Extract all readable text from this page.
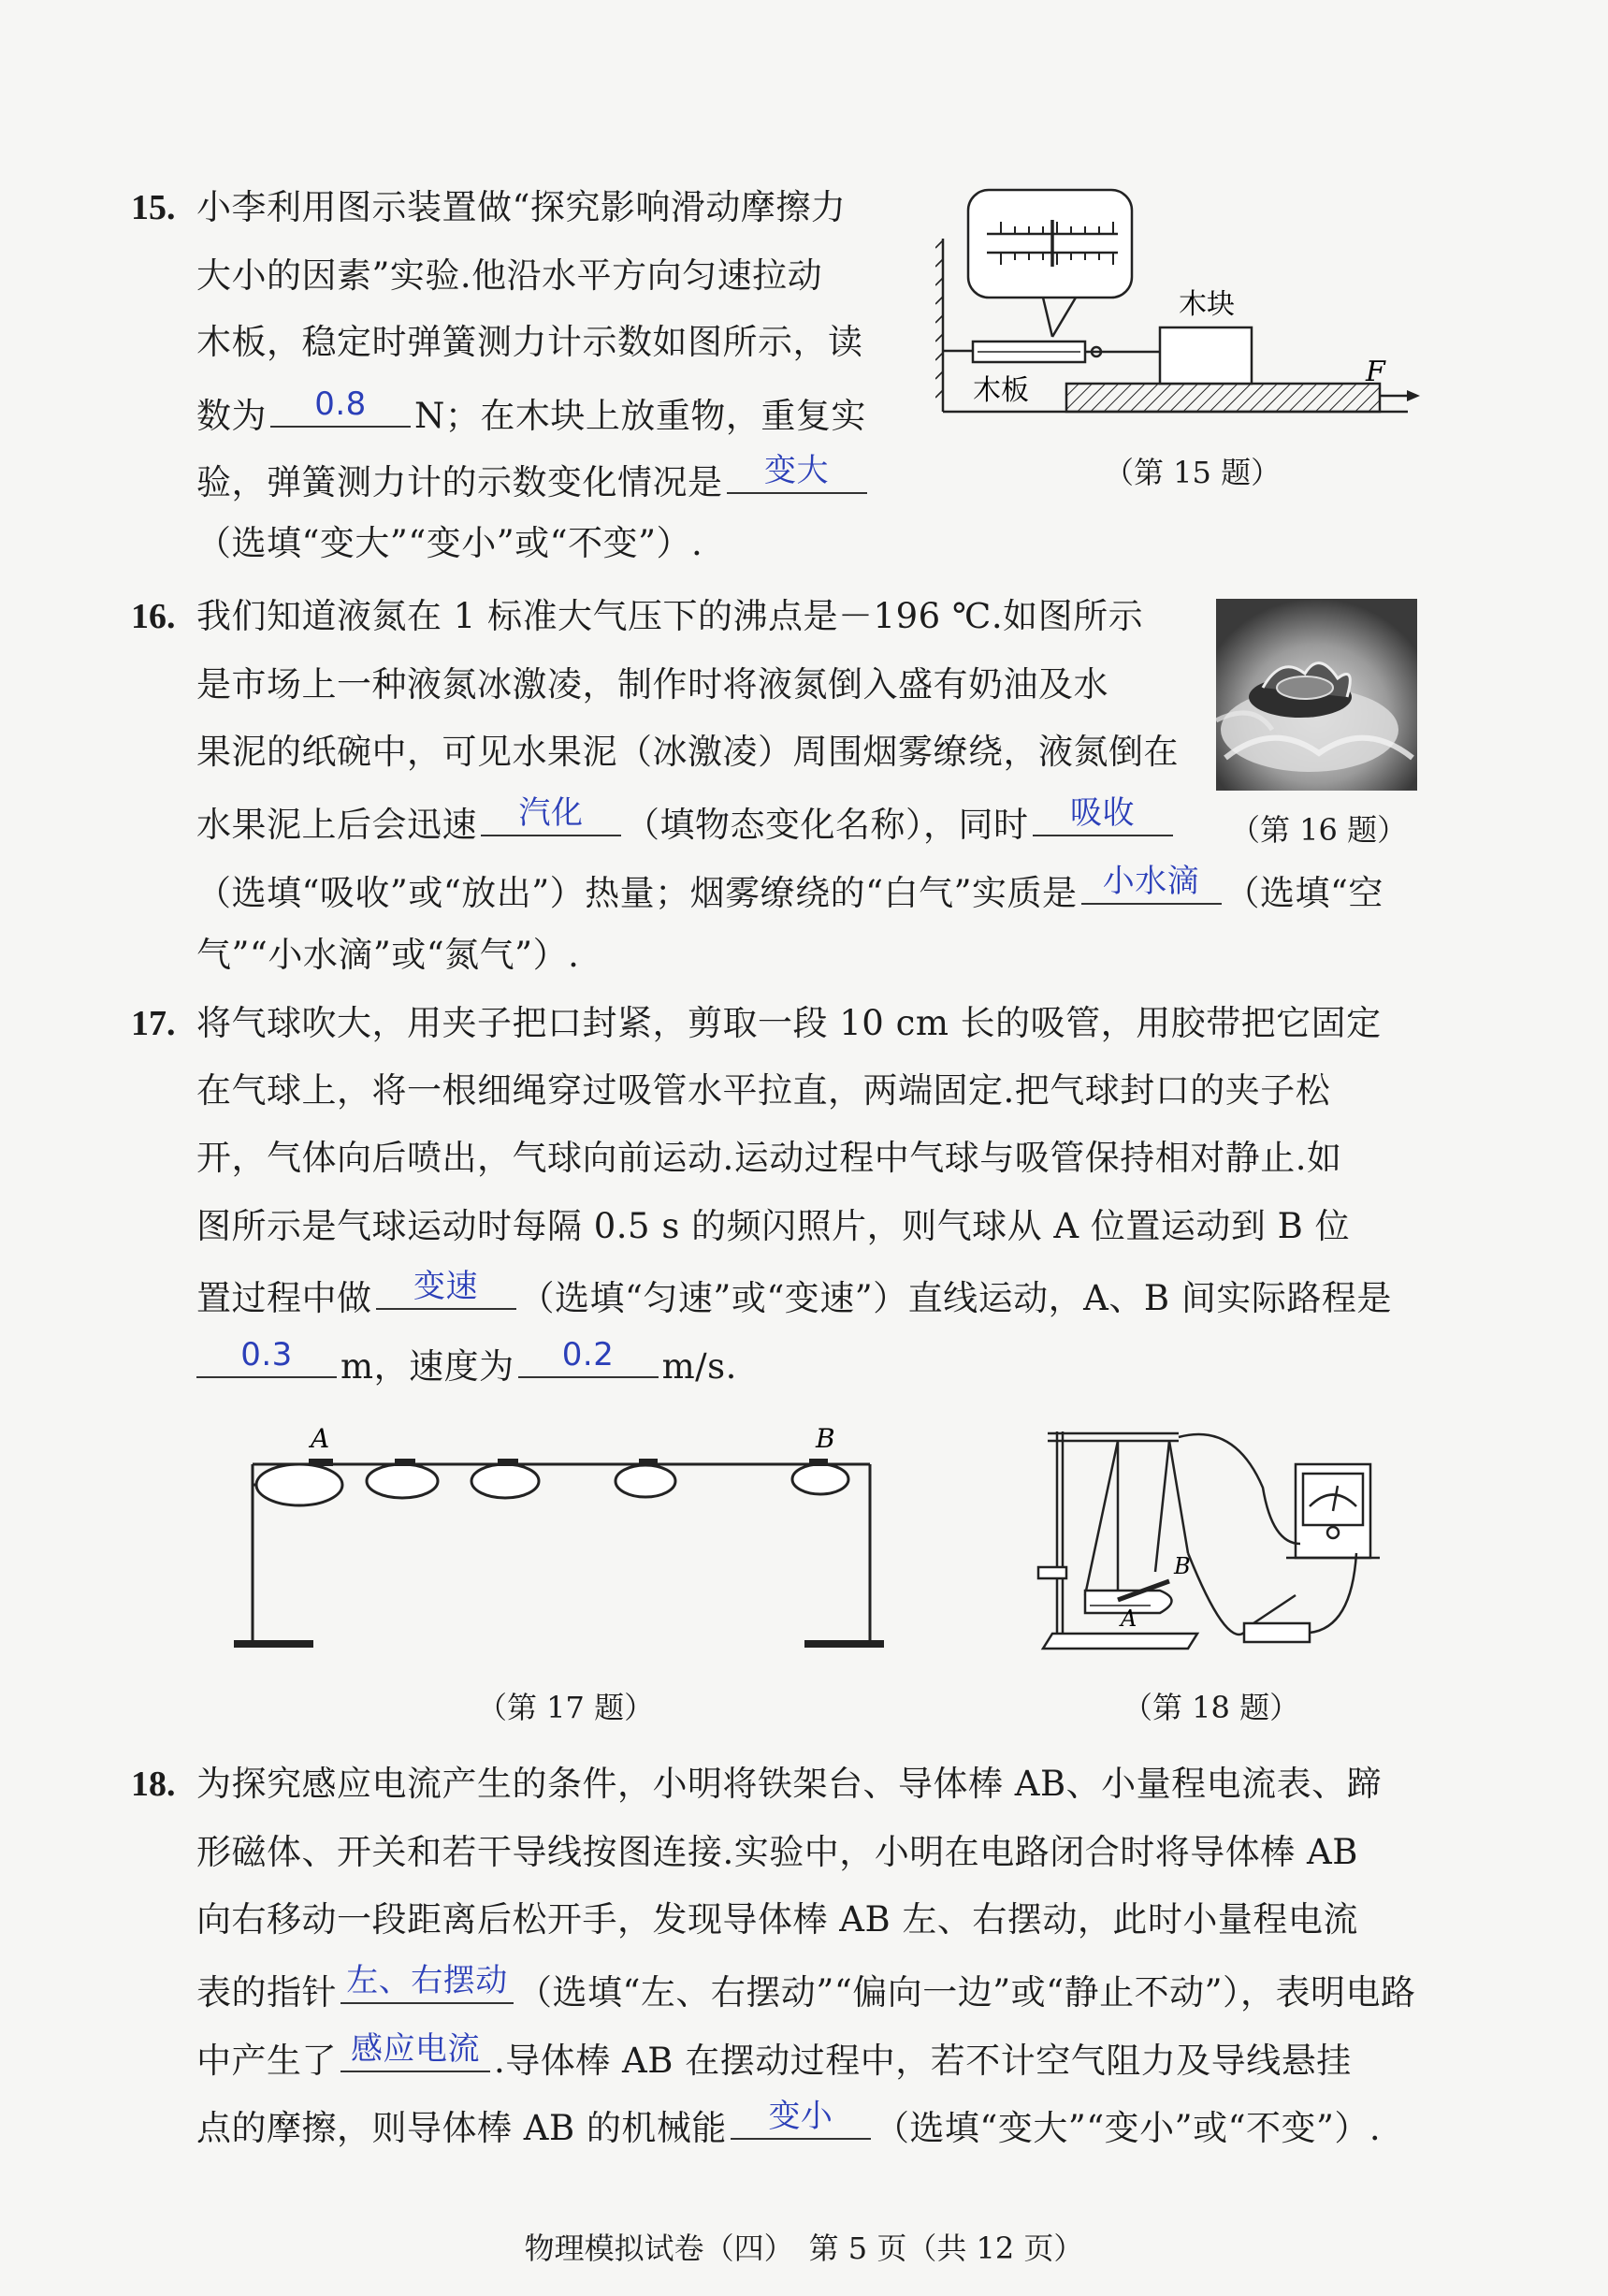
15. 小李利用图示装置做“探究影响滑动摩擦力
大小的因素”实验.他沿水平方向匀速拉动
木板，稳定时弹簧测力计示数如图所示，读
数为	0.8	N；在木块上放重物，重复实
验，弹簧测力计的示数变化情况是	变大
（选填“变大”“变小”或“不变”）.
木块
木板
F
（第 15 题）
16. 我们知道液氮在 1 标准大气压下的沸点是－196 ℃.如图所示
是市场上一种液氮冰激凌，制作时将液氮倒入盛有奶油及水
果泥的纸碗中，可见水果泥（冰激凌）周围烟雾缭绕，液氮倒在
水果泥上后会迅速	汽化	（填物态变化名称），同时	吸收
（选填“吸收”或“放出”）热量；烟雾缭绕的“白气”实质是 小水滴 （选填“空
气”“小水滴”或“氮气”）.
（第 16 题）
17. 将气球吹大，用夹子把口封紧，剪取一段 10 cm 长的吸管，用胶带把它固定
在气球上，将一根细绳穿过吸管水平拉直，两端固定.把气球封口的夹子松
开，气体向后喷出，气球向前运动.运动过程中气球与吸管保持相对静止.如
图所示是气球运动时每隔 0.5 s 的频闪照片，则气球从 A 位置运动到 B 位
置过程中做	变速	（选填“匀速”或“变速”）直线运动，A、B 间实际路程是
0.3	m，速度为	0.2	m/s.
A	B
（第 17 题）
A
B
（第 18 题）
18. 为探究感应电流产生的条件，小明将铁架台、导体棒 AB、小量程电流表、蹄
形磁体、开关和若干导线按图连接.实验中，小明在电路闭合时将导体棒 AB
向右移动一段距离后松开手，发现导体棒 AB 左、右摆动，此时小量程电流
表的指针 左、右摆动 （选填“左、右摆动”“偏向一边”或“静止不动”），表明电路
中产生了 感应电流 .导体棒 AB 在摆动过程中，若不计空气阻力及导线悬挂
点的摩擦，则导体棒 AB 的机械能	变小	（选填“变大”“变小”或“不变”）.
物理模拟试卷（四）　第 5 页（共 12 页）
